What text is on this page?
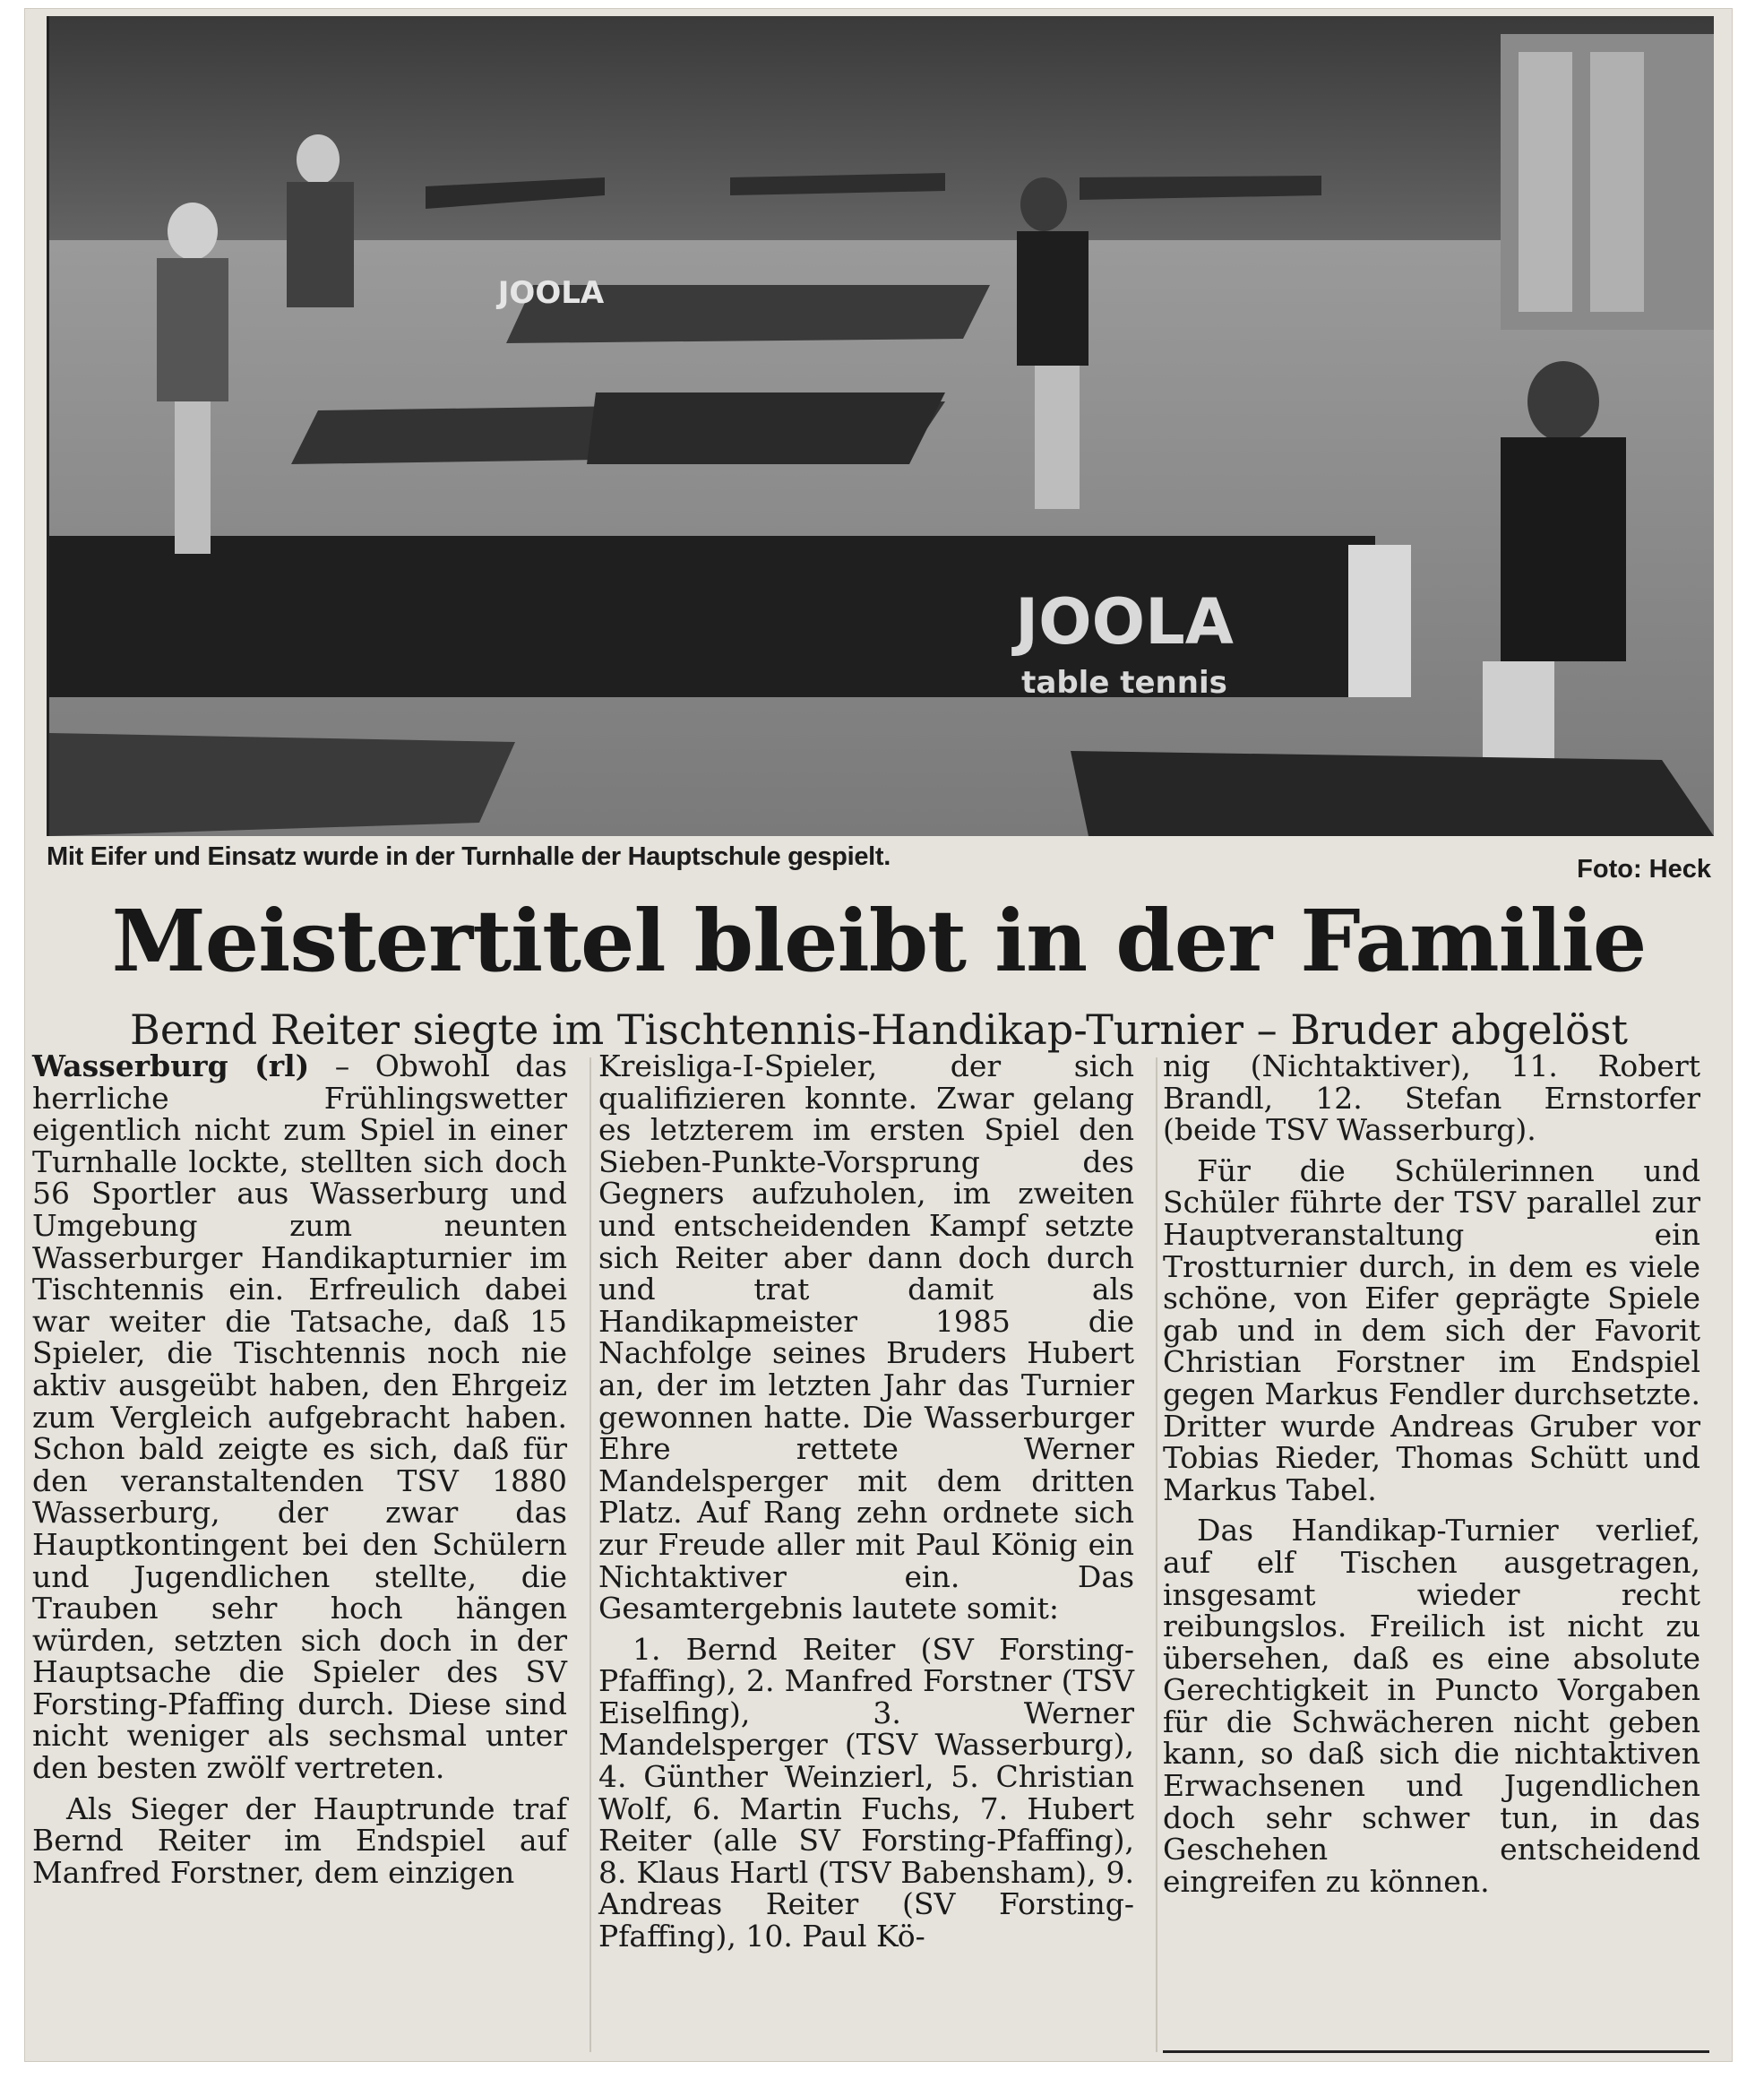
JOOLA
table tennis
JOOLA
Mit Eifer und Einsatz wurde in der Turnhalle der Hauptschule gespielt.	Foto: Heck
Meistertitel bleibt in der Familie
Bernd Reiter siegte im Tischtennis-Handikap-Turnier – Bruder abgelöst

Wasserburg (rl) – Obwohl das herrliche Frühlingswetter eigentlich nicht zum Spiel in einer Turnhalle lockte, stellten sich doch 56 Sportler aus Wasserburg und Umgebung zum neunten Wasserburger Handikapturnier im Tischtennis ein. Erfreulich dabei war weiter die Tatsache, daß 15 Spieler, die Tischtennis noch nie aktiv ausgeübt haben, den Ehrgeiz zum Vergleich aufgebracht haben. Schon bald zeigte es sich, daß für den veranstaltenden TSV 1880 Wasserburg, der zwar das Hauptkontingent bei den Schülern und Jugendlichen stellte, die Trauben sehr hoch hängen würden, setzten sich doch in der Hauptsache die Spieler des SV Forsting-Pfaffing durch. Diese sind nicht weniger als sechsmal unter den besten zwölf vertreten.

Als Sieger der Hauptrunde traf Bernd Reiter im Endspiel auf Manfred Forstner, dem einzigen

Kreisliga-I-Spieler, der sich qualifizieren konnte. Zwar gelang es letzterem im ersten Spiel den Sieben-Punkte-Vorsprung des Gegners aufzuholen, im zweiten und entscheidenden Kampf setzte sich Reiter aber dann doch durch und trat damit als Handikapmeister 1985 die Nachfolge seines Bruders Hubert an, der im letzten Jahr das Turnier gewonnen hatte. Die Wasserburger Ehre rettete Werner Mandelsperger mit dem dritten Platz. Auf Rang zehn ordnete sich zur Freude aller mit Paul König ein Nichtaktiver ein. Das Gesamtergebnis lautete somit:

1. Bernd Reiter (SV Forsting-Pfaffing), 2. Manfred Forstner (TSV Eiselfing), 3. Werner Mandelsperger (TSV Wasserburg), 4. Günther Weinzierl, 5. Christian Wolf, 6. Martin Fuchs, 7. Hubert Reiter (alle SV Forsting-Pfaffing), 8. Klaus Hartl (TSV Babensham), 9. Andreas Reiter (SV Forsting-Pfaffing), 10. Paul Kö-

nig (Nichtaktiver), 11. Robert Brandl, 12. Stefan Ernstorfer (beide TSV Wasserburg).

Für die Schülerinnen und Schüler führte der TSV parallel zur Hauptveranstaltung ein Trostturnier durch, in dem es viele schöne, von Eifer geprägte Spiele gab und in dem sich der Favorit Christian Forstner im Endspiel gegen Markus Fendler durchsetzte. Dritter wurde Andreas Gruber vor Tobias Rieder, Thomas Schütt und Markus Tabel.

Das Handikap-Turnier verlief, auf elf Tischen ausgetragen, insgesamt wieder recht reibungslos. Freilich ist nicht zu übersehen, daß es eine absolute Gerechtigkeit in Puncto Vorgaben für die Schwächeren nicht geben kann, so daß sich die nichtaktiven Erwachsenen und Jugendlichen doch sehr schwer tun, in das Geschehen entscheidend eingreifen zu können.
